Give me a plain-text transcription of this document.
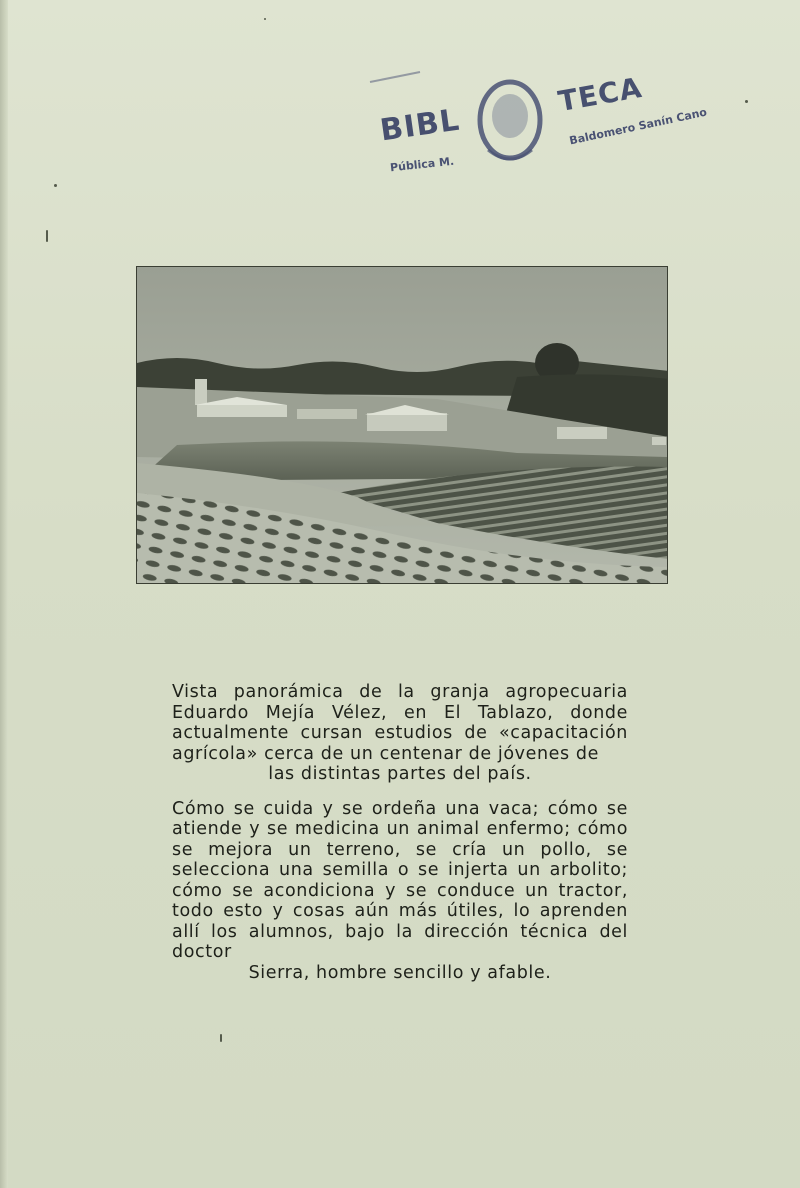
BIBL
TECA
Baldomero Sanín Cano
Pública M.

Vista panorámica de la granja agropecuaria Eduardo Mejía Vélez, en El Tablazo, donde actualmente cursan estudios de «capacitación agrícola» cerca de un centenar de jóvenes de
las distintas partes del país.

Cómo se cuida y se ordeña una vaca; cómo se atiende y se medicina un animal enfermo; cómo se mejora un terreno, se cría un pollo, se selecciona una semilla o se injerta un arbolito; cómo se acondiciona y se conduce un tractor, todo esto y cosas aún más útiles, lo aprenden allí los alumnos, bajo la dirección técnica del doctor
Sierra, hombre sencillo y afable.
